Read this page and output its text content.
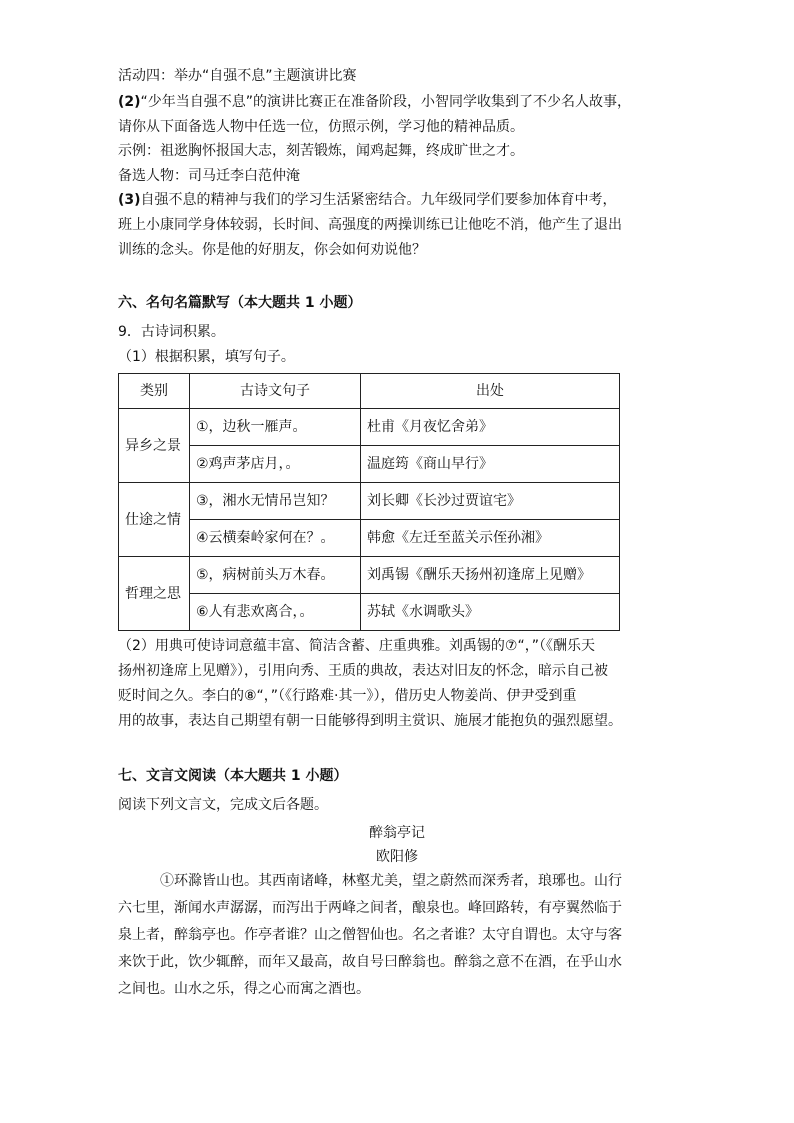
活动四：举办“自强不息”主题演讲比赛
(2)“少年当自强不息”的演讲比赛正在准备阶段，小智同学收集到了不少名人故事，
请你从下面备选人物中任选一位，仿照示例，学习他的精神品质。
示例：祖逖胸怀报国大志，刻苦锻炼，闻鸡起舞，终成旷世之才。
备选人物：司马迁李白范仲淹
(3)自强不息的精神与我们的学习生活紧密结合。九年级同学们要参加体育中考，
班上小康同学身体较弱，长时间、高强度的两操训练已让他吃不消，他产生了退出
训练的念头。你是他的好朋友，你会如何劝说他？
六、名句名篇默写（本大题共 1 小题）
9．古诗词积累。
（1）根据积累，填写句子。
类别	古诗文句子	出处
异乡之景	①，边秋一雁声。	杜甫《月夜忆舍弟》
	②鸡声茅店月，。	温庭筠《商山早行》
仕途之情	③，湘水无情吊岂知？	刘长卿《长沙过贾谊宅》
	④云横秦岭家何在？。	韩愈《左迁至蓝关示侄孙湘》
哲理之思	⑤，病树前头万木春。	刘禹锡《酬乐天扬州初逢席上见赠》
	⑥人有悲欢离合，。	苏轼《水调歌头》
（2）用典可使诗词意蕴丰富、简洁含蓄、庄重典雅。刘禹锡的⑦“，”（《酬乐天
扬州初逢席上见赠》），引用向秀、王质的典故，表达对旧友的怀念，暗示自己被
贬时间之久。李白的⑧“，”（《行路难·其一》），借历史人物姜尚、伊尹受到重
用的故事，表达自己期望有朝一日能够得到明主赏识、施展才能抱负的强烈愿望。
七、文言文阅读（本大题共 1 小题）
阅读下列文言文，完成文后各题。
醉翁亭记
欧阳修
①环滁皆山也。其西南诸峰，林壑尤美，望之蔚然而深秀者，琅琊也。山行
六七里，渐闻水声潺潺，而泻出于两峰之间者，酿泉也。峰回路转，有亭翼然临于
泉上者，醉翁亭也。作亭者谁？山之僧智仙也。名之者谁？太守自谓也。太守与客
来饮于此，饮少辄醉，而年又最高，故自号曰醉翁也。醉翁之意不在酒，在乎山水
之间也。山水之乐，得之心而寓之酒也。
